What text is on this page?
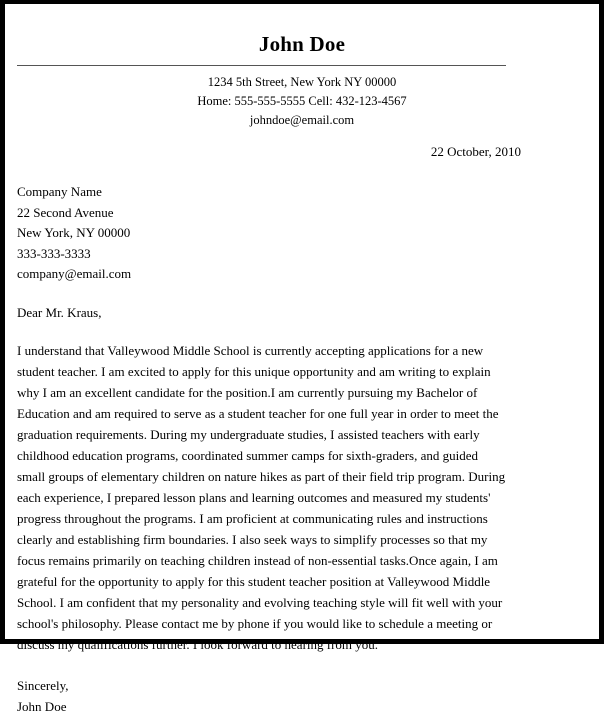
John Doe
1234 5th Street, New York NY 00000
Home: 555-555-5555 Cell: 432-123-4567
johndoe@email.com
22 October, 2010
Company Name
22 Second Avenue
New York, NY 00000
333-333-3333
company@email.com
Dear Mr. Kraus,

I understand that Valleywood Middle School is currently accepting applications for a new student teacher. I am excited to apply for this unique opportunity and am writing to explain why I am an excellent candidate for the position.I am currently pursuing my Bachelor of Education and am required to serve as a student teacher for one full year in order to meet the graduation requirements. During my undergraduate studies, I assisted teachers with early childhood education programs, coordinated summer camps for sixth-graders, and guided small groups of elementary children on nature hikes as part of their field trip program. During each experience, I prepared lesson plans and learning outcomes and measured my students' progress throughout the programs. I am proficient at communicating rules and instructions clearly and establishing firm boundaries. I also seek ways to simplify processes so that my focus remains primarily on teaching children instead of non-essential tasks.Once again, I am grateful for the opportunity to apply for this student teacher position at Valleywood Middle School. I am confident that my personality and evolving teaching style will fit well with your school's philosophy. Please contact me by phone if you would like to schedule a meeting or discuss my qualifications further. I look forward to hearing from you.

Sincerely,
John Doe
